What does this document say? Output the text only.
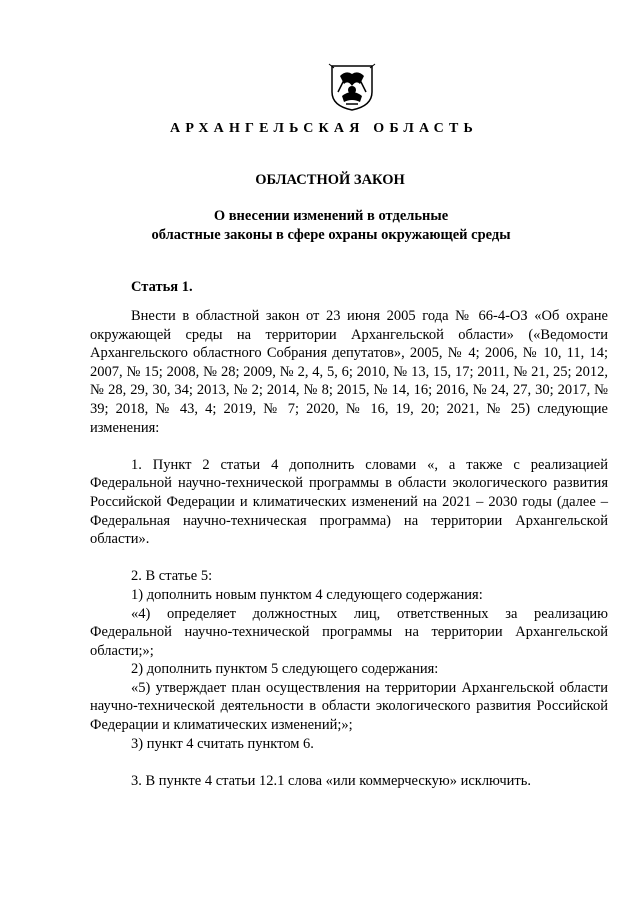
АРХАНГЕЛЬСКАЯ ОБЛАСТЬ
ОБЛАСТНОЙ ЗАКОН
О внесении изменений в отдельные
областные законы в сфере охраны окружающей среды
Статья 1.

Внести в областной закон от 23 июня 2005 года № 66-4-ОЗ «Об охране окружающей среды на территории Архангельской области» («Ведомости Архангельского областного Собрания депутатов», 2005, № 4; 2006, № 10, 11, 14; 2007, № 15; 2008, № 28; 2009, № 2, 4, 5, 6; 2010, № 13, 15, 17; 2011, № 21, 25; 2012, № 28, 29, 30, 34; 2013, № 2; 2014, № 8; 2015, № 14, 16; 2016, № 24, 27, 30; 2017, № 39; 2018, № 43, 4; 2019, № 7; 2020, № 16, 19, 20; 2021, № 25) следующие изменения:

1. Пункт 2 статьи 4 дополнить словами «, а также с реализацией Федеральной научно-технической программы в области экологического развития Российской Федерации и климатических изменений на 2021 – 2030 годы (далее – Федеральная научно-техническая программа) на территории Архангельской области».

2. В статье 5:

1) дополнить новым пунктом 4 следующего содержания:

«4) определяет должностных лиц, ответственных за реализацию Федеральной научно-технической программы на территории Архангельской области;»;

2) дополнить пунктом 5 следующего содержания:

«5) утверждает план осуществления на территории Архангельской области научно-технической деятельности в области экологического развития Российской Федерации и климатических изменений;»;

3) пункт 4 считать пунктом 6.

3. В пункте 4 статьи 12.1 слова «или коммерческую» исключить.
